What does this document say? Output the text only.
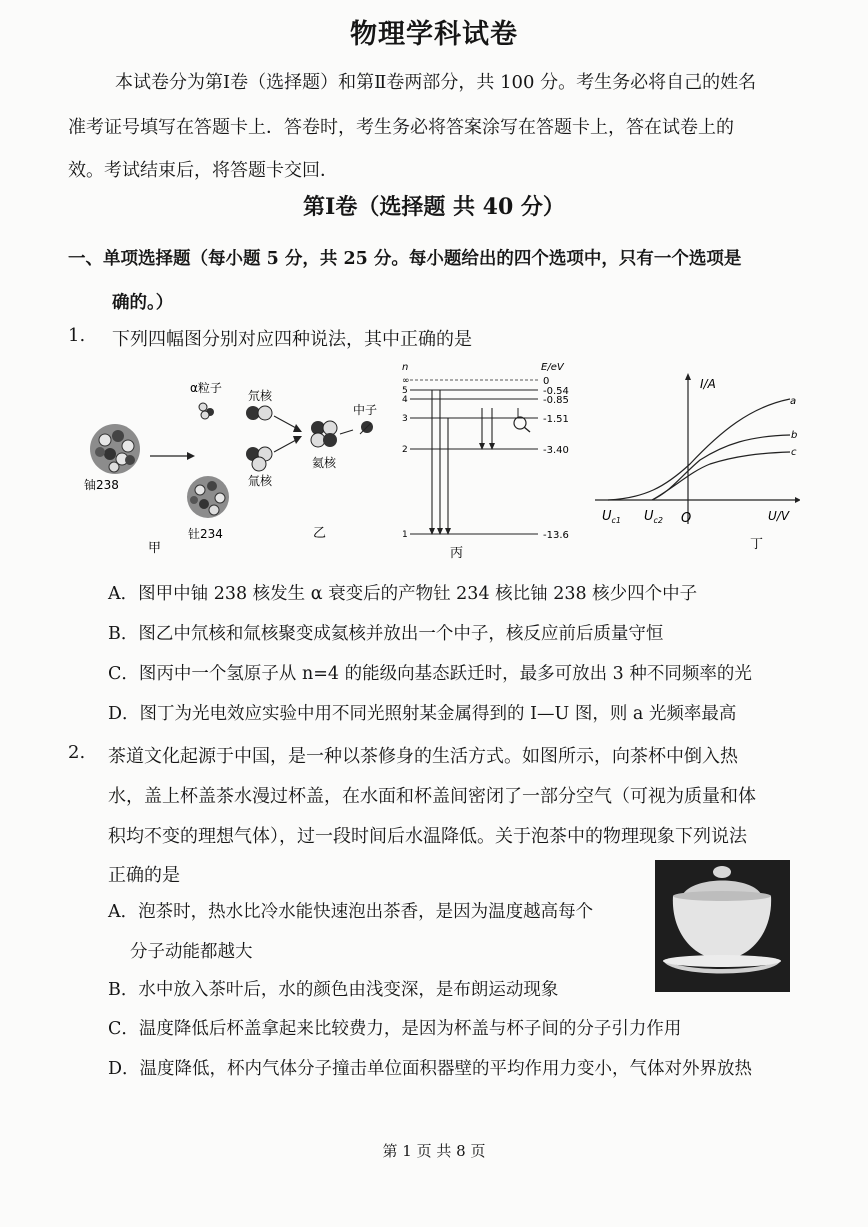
物理学科试卷
本试卷分为第Ⅰ卷（选择题）和第Ⅱ卷两部分，共 100 分。考生务必将自己的姓名
准考证号填写在答题卡上．答卷时，考生务必将答案涂写在答题卡上，答在试卷上的
效。考试结束后，将答题卡交回．
第Ⅰ卷（选择题 共 40 分）
一、单项选择题（每小题 5 分，共 25 分。每小题给出的四个选项中，只有一个选项是
确的。）
1. 下列四幅图分别对应四种说法，其中正确的是
铀238
α粒子
钍234
甲
氘核
氚核
氦核
中子
乙
n	E/eV
∞	0
5	-0.54
4	-0.85
3	-1.51
2	-3.40
1	-13.6
丙
I/A
U/V
O
$U_{c1}$ $U_{c2}$
a
b
c
丁
A．图甲中铀 238 核发生 α 衰变后的产物钍 234 核比铀 238 核少四个中子
B．图乙中氘核和氚核聚变成氦核并放出一个中子，核反应前后质量守恒
C．图丙中一个氢原子从 n=4 的能级向基态跃迁时，最多可放出 3 种不同频率的光
D．图丁为光电效应实验中用不同光照射某金属得到的 I—U 图，则 a 光频率最高
2. 茶道文化起源于中国，是一种以茶修身的生活方式。如图所示，向茶杯中倒入热
水，盖上杯盖茶水漫过杯盖，在水面和杯盖间密闭了一部分空气（可视为质量和体
积均不变的理想气体），过一段时间后水温降低。关于泡茶中的物理现象下列说法
正确的是
A．泡茶时，热水比冷水能快速泡出茶香，是因为温度越高每个
分子动能都越大
B．水中放入茶叶后，水的颜色由浅变深，是布朗运动现象
C．温度降低后杯盖拿起来比较费力，是因为杯盖与杯子间的分子引力作用
D．温度降低，杯内气体分子撞击单位面积器壁的平均作用力变小，气体对外界放热
第 1 页 共 8 页
